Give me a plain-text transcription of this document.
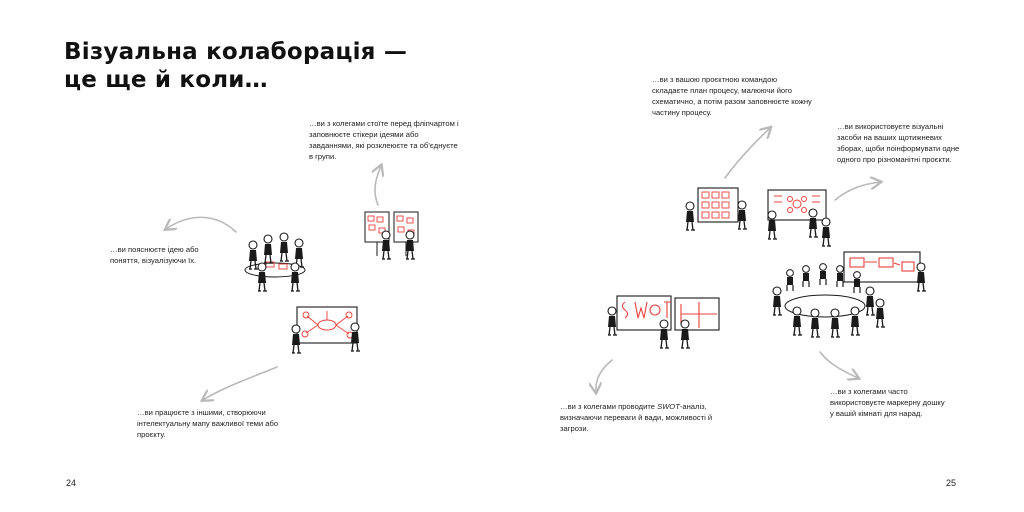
Візуальна колаборація —
це ще й коли…
…ви з колегами стоїте перед фліпчартом і заповнюєте стікери ідеями або завданнями, які розклеюєте та об’єднуєте в групи.
…ви пояснюєте ідею або поняття, візуалізуючи їх.
…ви працюєте з іншими, створюючи інтелектуальну мапу важливої теми або проєкту.
…ви з вашою проєктною командою складаєте план процесу, малюючи його схематично, а потім разом заповнюєте кожну частину процесу.
…ви використовуєте візуальні засоби на ваших щотижневих зборах, щоби поінформувати одне одного про різноманітні проєкти.
…ви з колегами проводите SWOT-аналіз, визначаючи переваги й вади, можливості й загрози.
…ви з колегами часто використовуєте маркерну дошку у вашій кімнаті для нарад.
24	25
